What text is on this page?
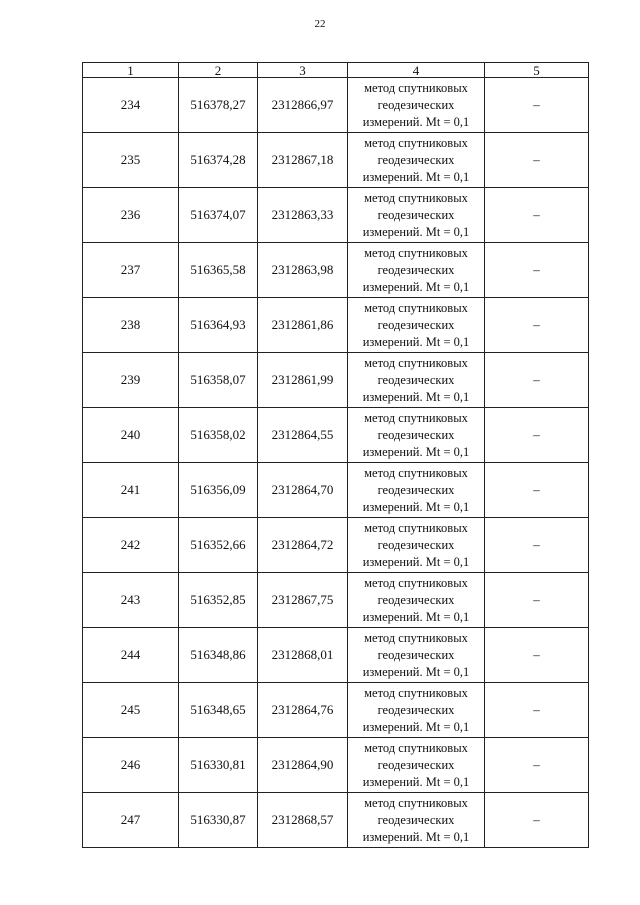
22
1	2	3	4	5
234	516378,27	2312866,97	метод спутниковых
геодезических
измерений. Mt = 0,1	–
235	516374,28	2312867,18	метод спутниковых
геодезических
измерений. Mt = 0,1	–
236	516374,07	2312863,33	метод спутниковых
геодезических
измерений. Mt = 0,1	–
237	516365,58	2312863,98	метод спутниковых
геодезических
измерений. Mt = 0,1	–
238	516364,93	2312861,86	метод спутниковых
геодезических
измерений. Mt = 0,1	–
239	516358,07	2312861,99	метод спутниковых
геодезических
измерений. Mt = 0,1	–
240	516358,02	2312864,55	метод спутниковых
геодезических
измерений. Mt = 0,1	–
241	516356,09	2312864,70	метод спутниковых
геодезических
измерений. Mt = 0,1	–
242	516352,66	2312864,72	метод спутниковых
геодезических
измерений. Mt = 0,1	–
243	516352,85	2312867,75	метод спутниковых
геодезических
измерений. Mt = 0,1	–
244	516348,86	2312868,01	метод спутниковых
геодезических
измерений. Mt = 0,1	–
245	516348,65	2312864,76	метод спутниковых
геодезических
измерений. Mt = 0,1	–
246	516330,81	2312864,90	метод спутниковых
геодезических
измерений. Mt = 0,1	–
247	516330,87	2312868,57	метод спутниковых
геодезических
измерений. Mt = 0,1	–
